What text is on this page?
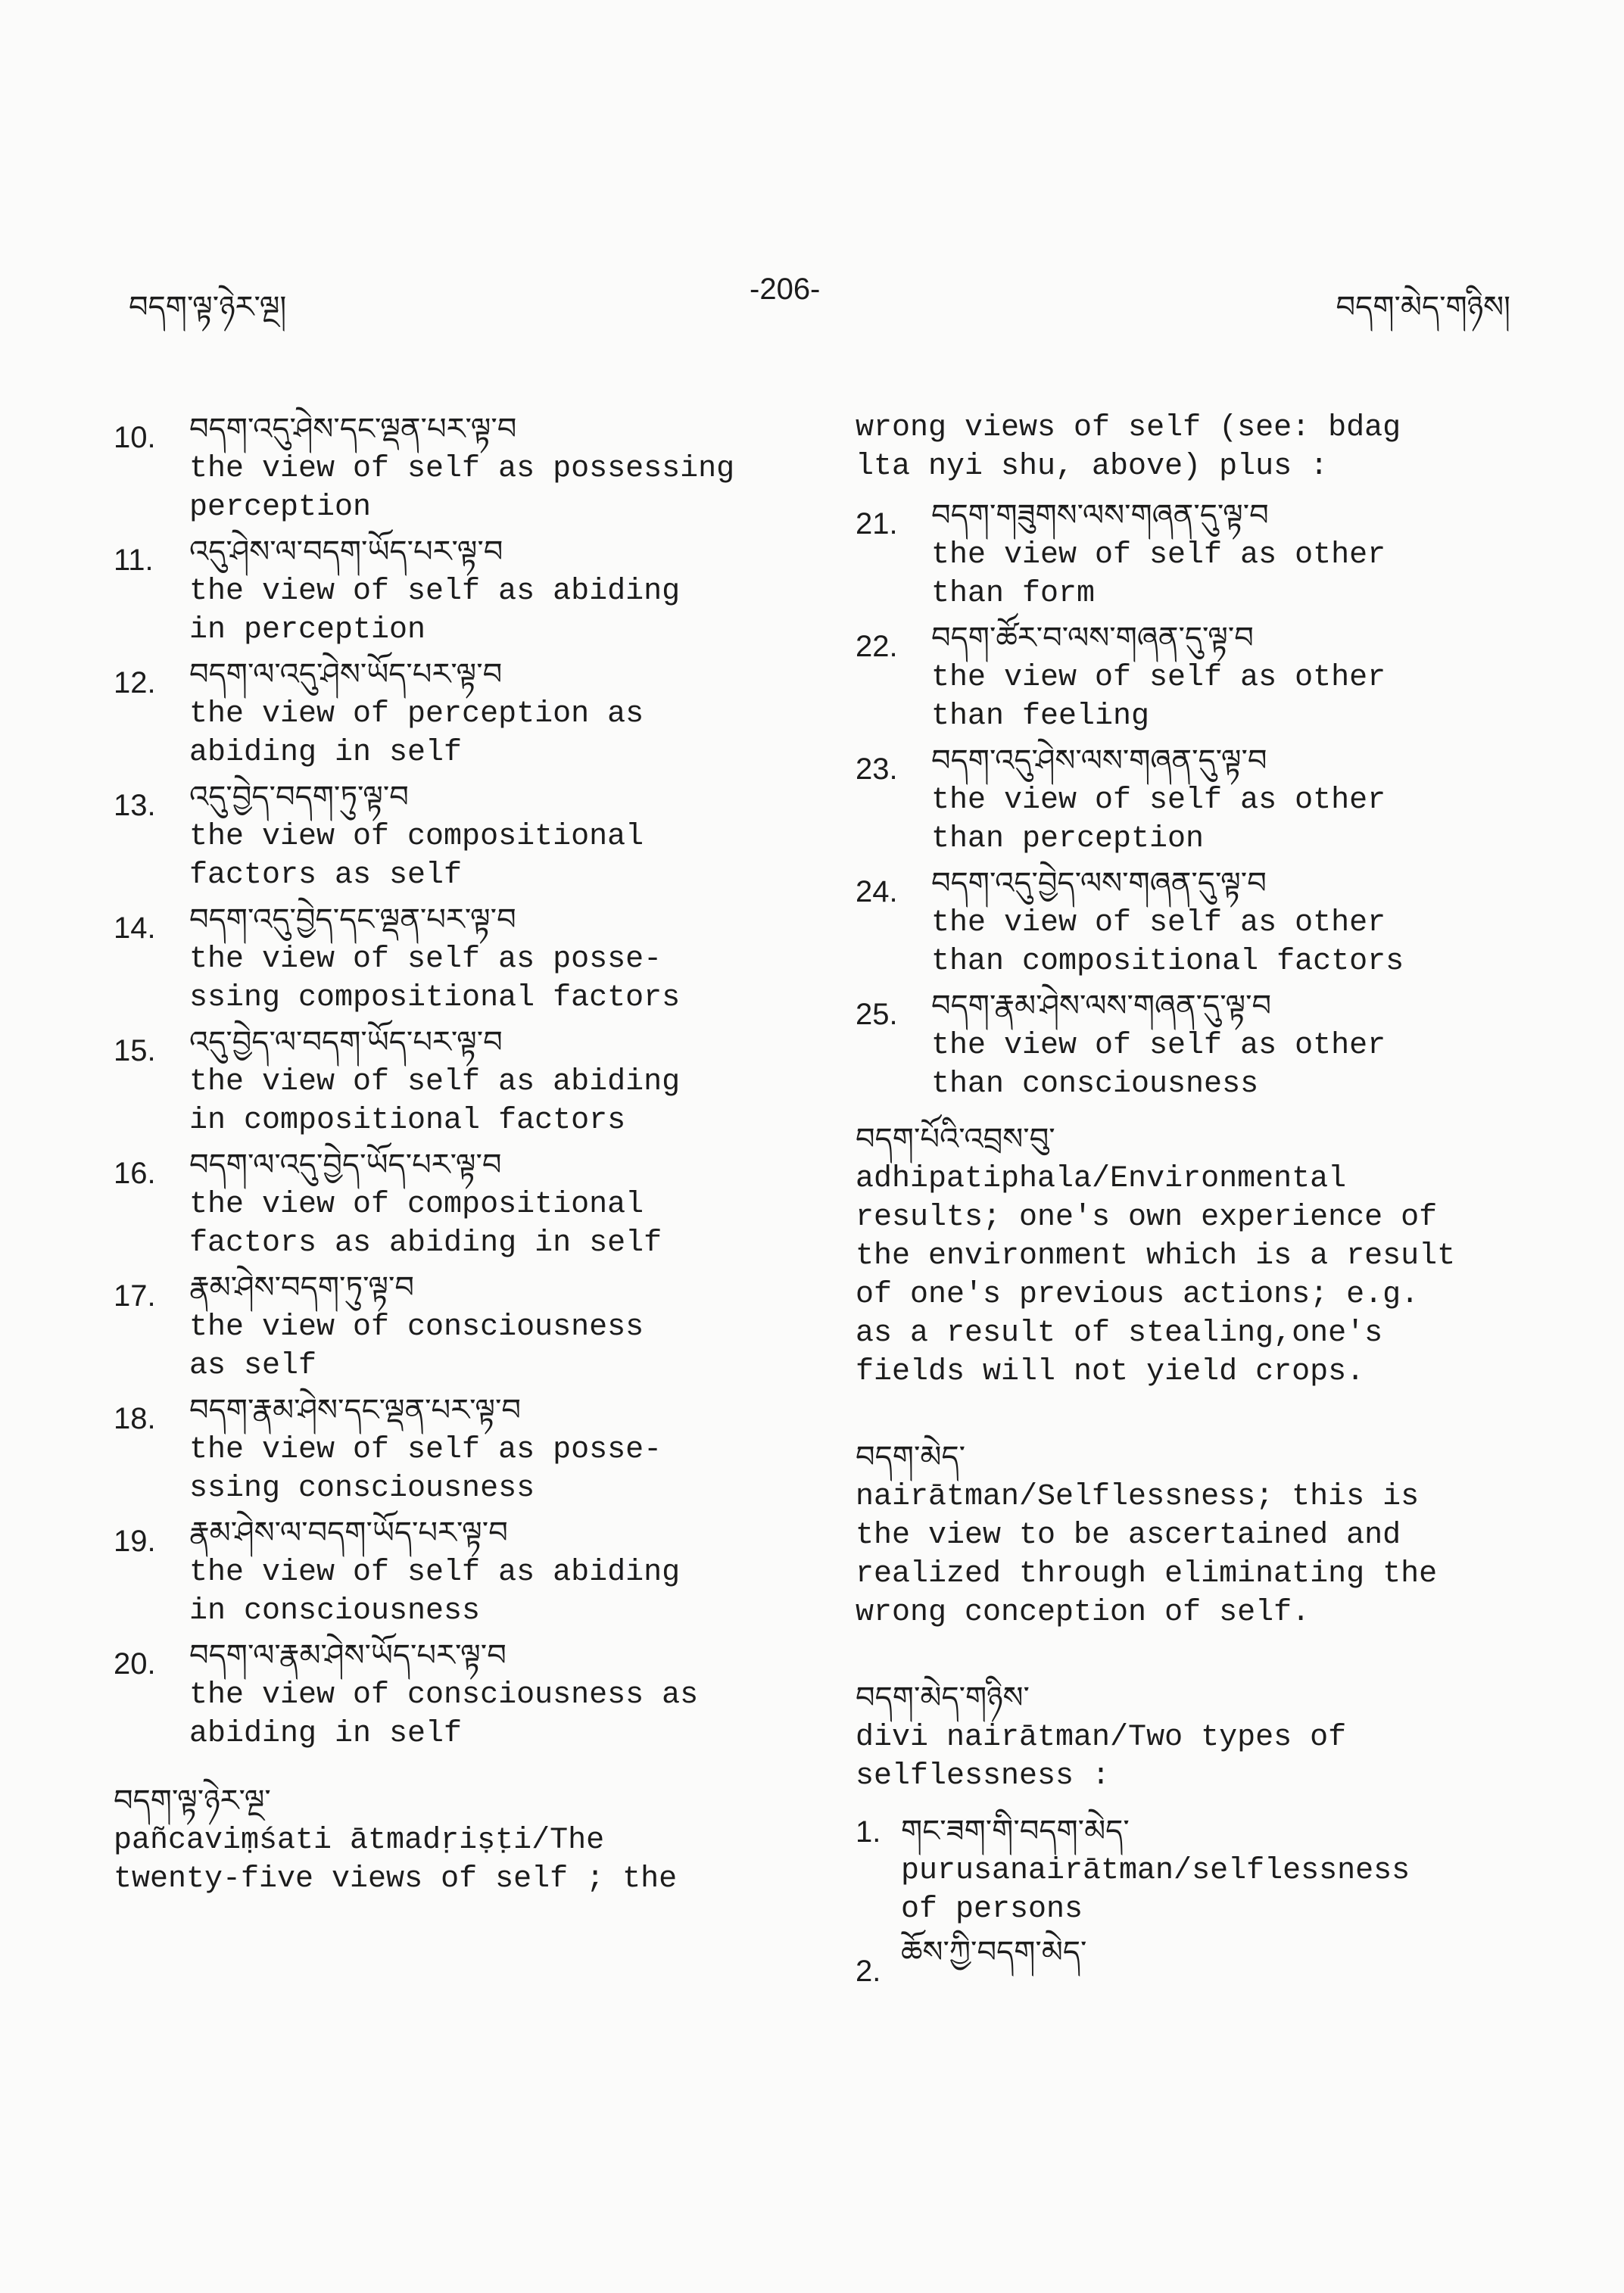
བདག་ལྟ་ཉེར་ལྔ།
-206-
བདག་མེད་གཉིས།
10. བདག་འདུ་ཤེས་དང་ལྡན་པར་ལྟ་བ
the view of self as possessing
perception
11. འདུ་ཤེས་ལ་བདག་ཡོད་པར་ལྟ་བ
the view of self as abiding
in perception
12. བདག་ལ་འདུ་ཤེས་ཡོད་པར་ལྟ་བ
the view of perception as
abiding in self
13. འདུ་བྱེད་བདག་ཏུ་ལྟ་བ
the view of compositional
factors as self
14. བདག་འདུ་བྱེད་དང་ལྡན་པར་ལྟ་བ
the view of self as posse-
ssing compositional factors
15. འདུ་བྱེད་ལ་བདག་ཡོད་པར་ལྟ་བ
the view of self as abiding
in compositional factors
16. བདག་ལ་འདུ་བྱེད་ཡོད་པར་ལྟ་བ
the view of compositional
factors as abiding in self
17. རྣམ་ཤེས་བདག་ཏུ་ལྟ་བ
the view of consciousness
as self
18. བདག་རྣམ་ཤེས་དང་ལྡན་པར་ལྟ་བ
the view of self as posse-
ssing consciousness
19. རྣམ་ཤེས་ལ་བདག་ཡོད་པར་ལྟ་བ
the view of self as abiding
in consciousness
20. བདག་ལ་རྣམ་ཤེས་ཡོད་པར་ལྟ་བ
the view of consciousness as
abiding in self
བདག་ལྟ་ཉེར་ལྔ་
pañcaviṃśati ātmadṛiṣṭi/The
twenty-five views of self ; the
wrong views of self (see: bdag
lta nyi shu, above) plus :
21. བདག་གཟུགས་ལས་གཞན་དུ་ལྟ་བ
the view of self as other
than form
22. བདག་ཚོར་བ་ལས་གཞན་དུ་ལྟ་བ
the view of self as other
than feeling
23. བདག་འདུ་ཤེས་ལས་གཞན་དུ་ལྟ་བ
the view of self as other
than perception
24. བདག་འདུ་བྱེད་ལས་གཞན་དུ་ལྟ་བ
the view of self as other
than compositional factors
25. བདག་རྣམ་ཤེས་ལས་གཞན་དུ་ལྟ་བ
the view of self as other
than consciousness
བདག་པོའི་འབྲས་བུ་
adhipatiphala/Environmental
results; one's own experience of
the environment which is a result
of one's previous actions; e.g.
as a result of stealing,one's
fields will not yield crops.
བདག་མེད་
nairātman/Selflessness; this is
the view to be ascertained and
realized through eliminating the
wrong conception of self.
བདག་མེད་གཉིས་
divi nairātman/Two types of
selflessness :
1. གང་ཟག་གི་བདག་མེད་
purusanairātman/selflessness
of persons
2.
ཆོས་ཀྱི་བདག་མེད་
